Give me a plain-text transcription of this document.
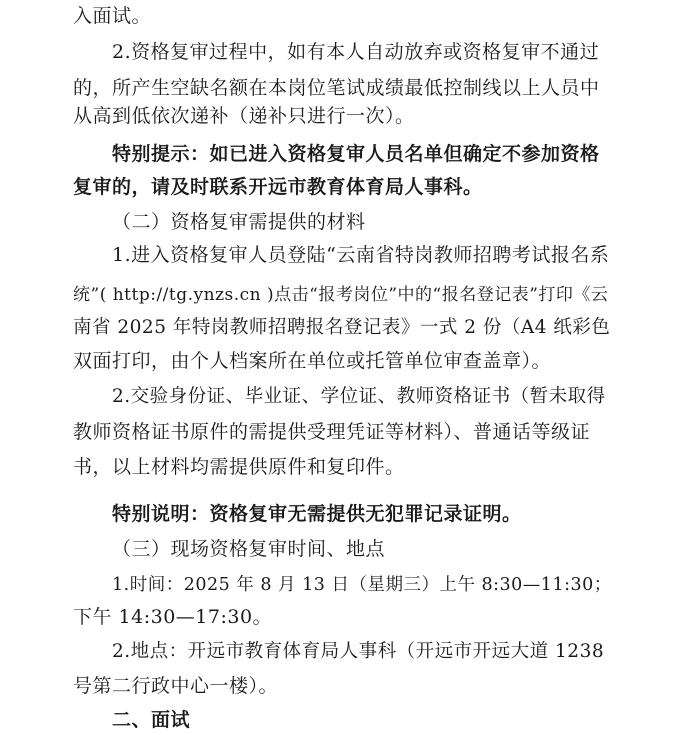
入面试。
2.资格复审过程中，如有本人自动放弃或资格复审不通过
的，所产生空缺名额在本岗位笔试成绩最低控制线以上人员中
从高到低依次递补（递补只进行一次）。
特别提示：如已进入资格复审人员名单但确定不参加资格
复审的，请及时联系开远市教育体育局人事科。
（二）资格复审需提供的材料
1.进入资格复审人员登陆“云南省特岗教师招聘考试报名系
统”( http://tg.ynzs.cn )点击“报考岗位”中的“报名登记表”打印《云
南省 2025 年特岗教师招聘报名登记表》一式 2 份（A4 纸彩色
双面打印，由个人档案所在单位或托管单位审查盖章）。
2.交验身份证、毕业证、学位证、教师资格证书（暂未取得
教师资格证书原件的需提供受理凭证等材料）、普通话等级证
书，以上材料均需提供原件和复印件。
特别说明：资格复审无需提供无犯罪记录证明。
（三）现场资格复审时间、地点
1.时间：2025 年 8 月 13 日（星期三）上午 8:30—11:30；
下午 14:30—17:30。
2.地点：开远市教育体育局人事科（开远市开远大道 1238
号第二行政中心一楼）。
二、面试
